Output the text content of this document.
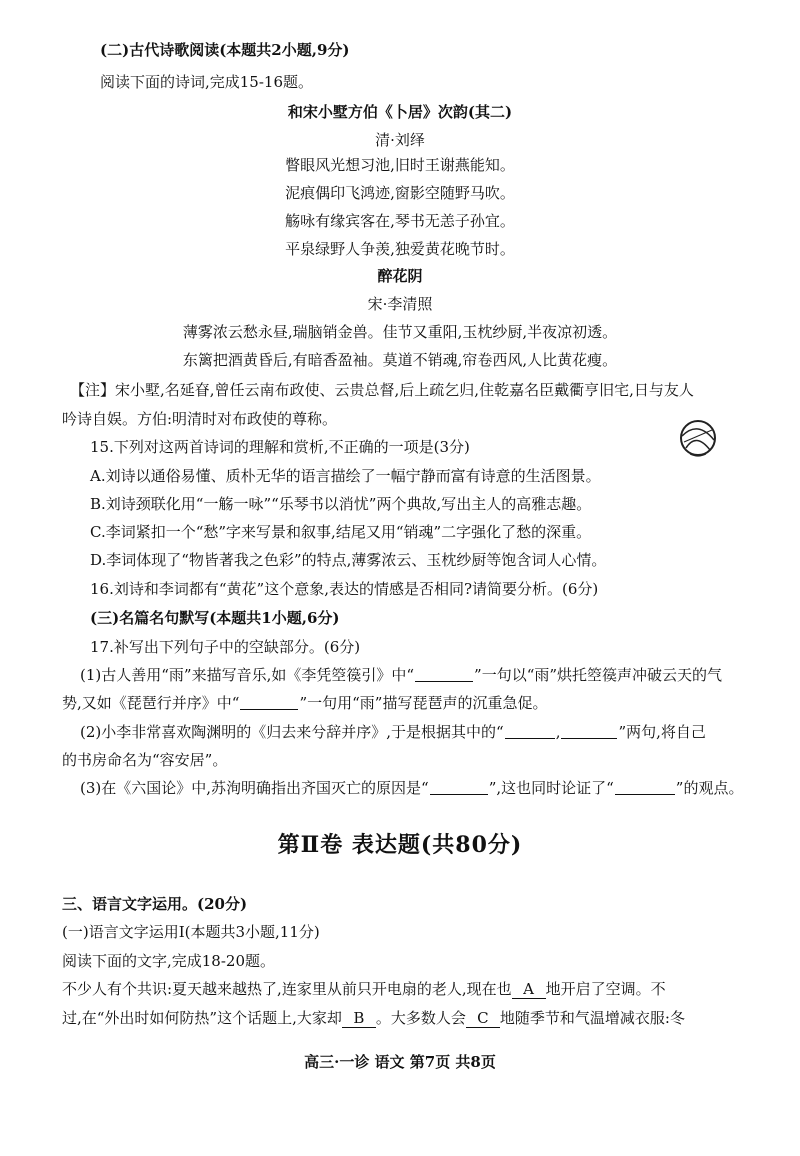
(二)古代诗歌阅读(本题共2小题,9分)
阅读下面的诗词,完成15-16题。
和宋小墅方伯《卜居》次韵(其二)
清·刘绎
瞥眼风光想习池,旧时王谢燕能知。
泥痕偶印飞鸿迹,窗影空随野马吹。
觞咏有缘宾客在,琴书无恙子孙宜。
平泉绿野人争羡,独爱黄花晚节时。
醉花阴
宋·李清照
薄雾浓云愁永昼,瑞脑销金兽。佳节又重阳,玉枕纱厨,半夜凉初透。
东篱把酒黄昏后,有暗香盈袖。莫道不销魂,帘卷西风,人比黄花瘦。
【注】宋小墅,名延眘,曾任云南布政使、云贵总督,后上疏乞归,住乾嘉名臣戴衢亨旧宅,日与友人
吟诗自娱。方伯:明清时对布政使的尊称。
15.下列对这两首诗词的理解和赏析,不正确的一项是(3分)
A.刘诗以通俗易懂、质朴无华的语言描绘了一幅宁静而富有诗意的生活图景。
B.刘诗颈联化用“一觞一咏”“乐琴书以消忧”两个典故,写出主人的高雅志趣。
C.李词紧扣一个“愁”字来写景和叙事,结尾又用“销魂”二字强化了愁的深重。
D.李词体现了“物皆著我之色彩”的特点,薄雾浓云、玉枕纱厨等饱含词人心情。
16.刘诗和李词都有“黄花”这个意象,表达的情感是否相同?请简要分析。(6分)
(三)名篇名句默写(本题共1小题,6分)
17.补写出下列句子中的空缺部分。(6分)
(1)古人善用“雨”来描写音乐,如《李凭箜篌引》中“	”一句以“雨”烘托箜篌声冲破云天的气
势,又如《琵琶行并序》中“	”一句用“雨”描写琵琶声的沉重急促。
(2)小李非常喜欢陶渊明的《归去来兮辞并序》,于是根据其中的“	,	”两句,将自己
的书房命名为“容安居”。
(3)在《六国论》中,苏洵明确指出齐国灭亡的原因是“	”,这也同时论证了“	”的观点。
第Ⅱ卷 表达题(共80分)
三、语言文字运用。(20分)
(一)语言文字运用Ⅰ(本题共3小题,11分)
阅读下面的文字,完成18-20题。
不少人有个共识:夏天越来越热了,连家里从前只开电扇的老人,现在也 A 地开启了空调。不
过,在“外出时如何防热”这个话题上,大家却 B 。大多数人会 C 地随季节和气温增减衣服:冬
高三·一诊 语文 第7页 共8页
